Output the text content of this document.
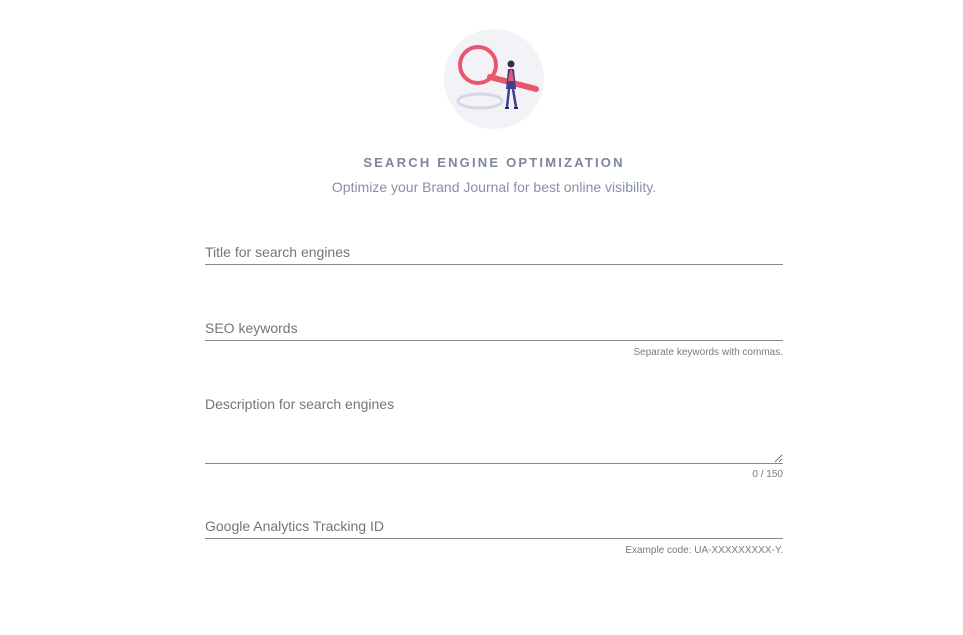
SEARCH ENGINE OPTIMIZATION
Optimize your Brand Journal for best online visibility.
Title for search engines
SEO keywords
Separate keywords with commas.
Description for search engines
0 / 150
Google Analytics Tracking ID
Example code: UA-XXXXXXXXX-Y.
